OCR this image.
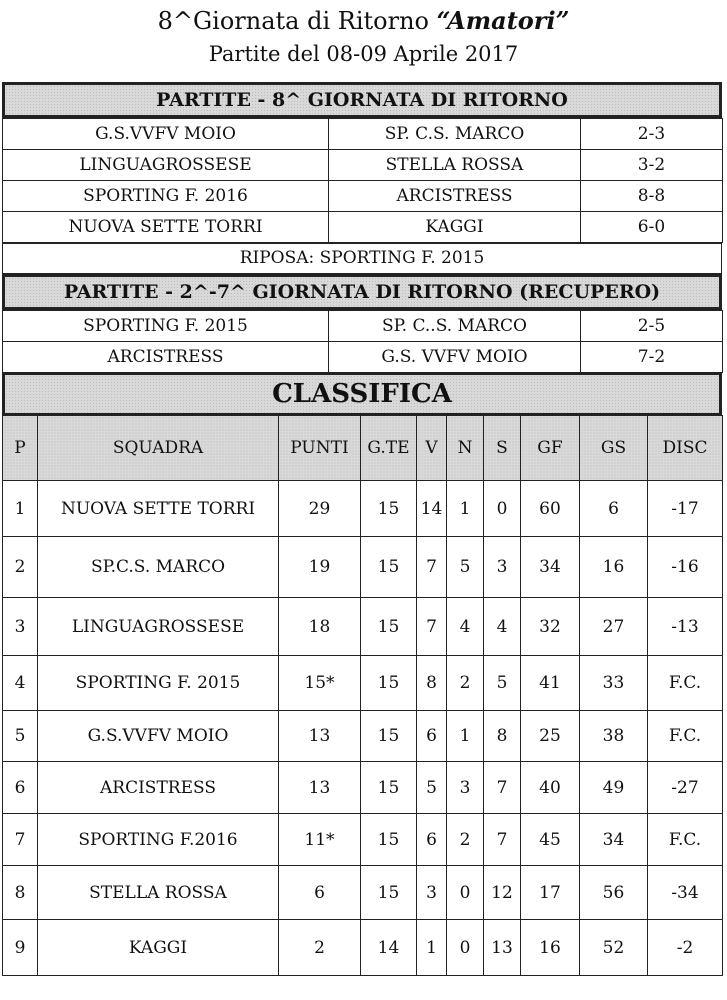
8^Giornata di Ritorno “Amatori”
Partite del 08-09 Aprile 2017
PARTITE - 8^ GIORNATA DI RITORNO
G.S.VVFV MOIO	SP. C.S. MARCO	2-3
LINGUAGROSSESE	STELLA ROSSA	3-2
SPORTING F. 2016	ARCISTRESS	8-8
NUOVA SETTE TORRI	KAGGI	6-0
RIPOSA: SPORTING F. 2015
PARTITE - 2^-7^ GIORNATA DI RITORNO (RECUPERO)
SPORTING F. 2015	SP. C..S. MARCO	2-5
ARCISTRESS	G.S. VVFV MOIO	7-2
CLASSIFICA
P	SQUADRA	PUNTI	G.TE	V	N	S	GF	GS	DISC
1	NUOVA SETTE TORRI	29	15	14	1	0	60	6	-17
2	SP.C.S. MARCO	19	15	7	5	3	34	16	-16
3	LINGUAGROSSESE	18	15	7	4	4	32	27	-13
4	SPORTING F. 2015	15*	15	8	2	5	41	33	F.C.
5	G.S.VVFV MOIO	13	15	6	1	8	25	38	F.C.
6	ARCISTRESS	13	15	5	3	7	40	49	-27
7	SPORTING F.2016	11*	15	6	2	7	45	34	F.C.
8	STELLA ROSSA	6	15	3	0	12	17	56	-34
9	KAGGI	2	14	1	0	13	16	52	-2
